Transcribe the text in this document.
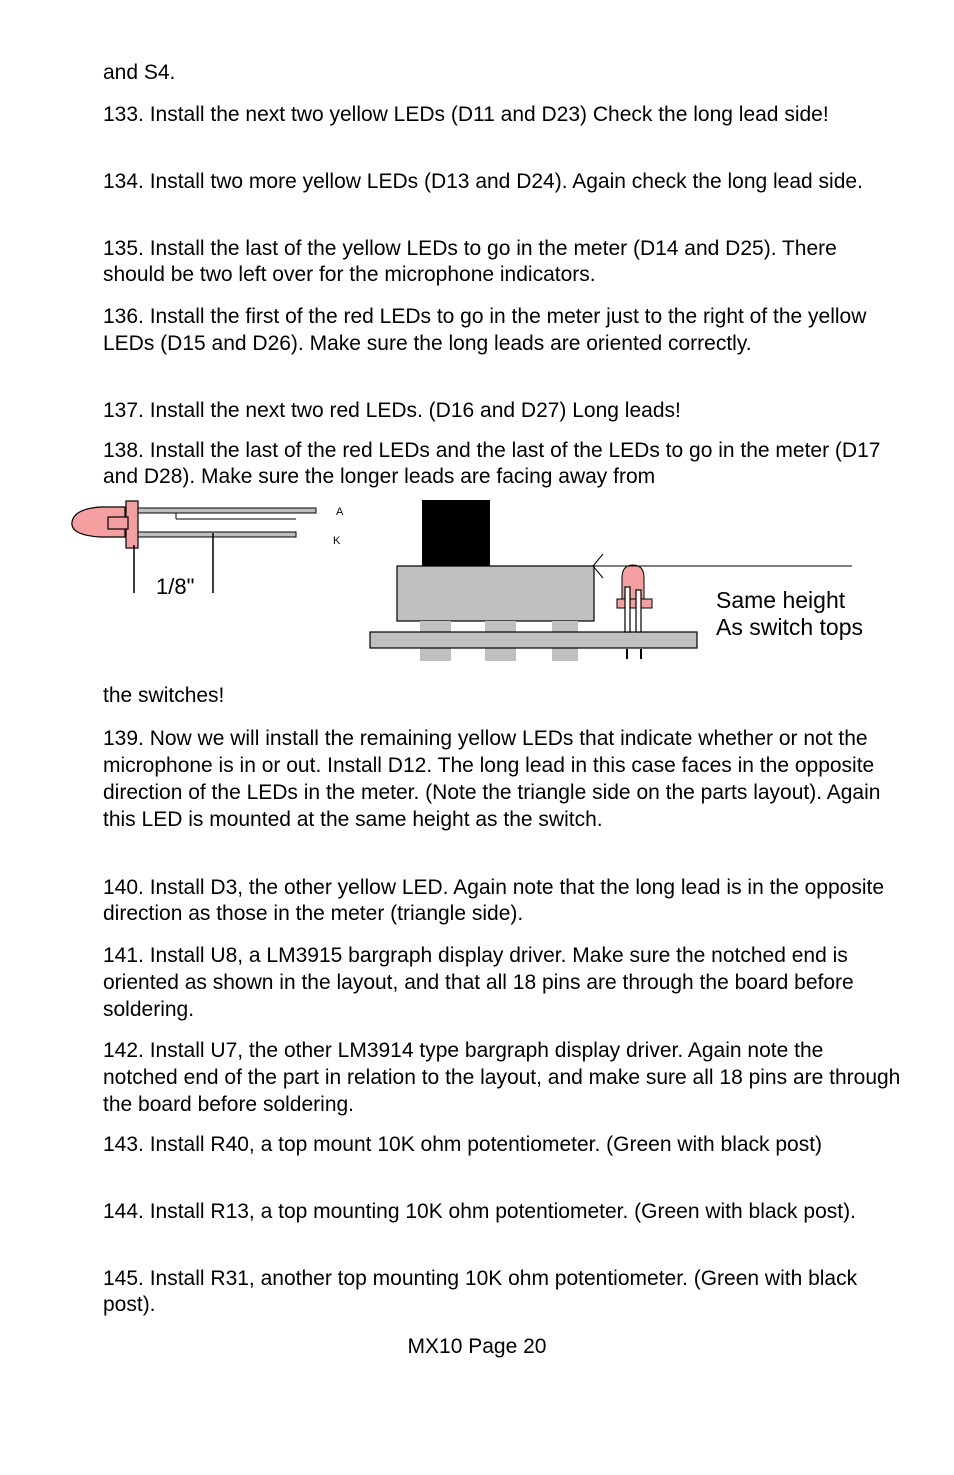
and S4.

133. Install the next two yellow LEDs (D11 and D23) Check the long lead side!

134. Install two more yellow LEDs (D13 and D24). Again check the long lead side.

135. Install the last of the yellow LEDs to go in the meter (D14 and D25). There should be two left over for the microphone indicators.

136. Install the first of the red LEDs to go in the meter just to the right of the yellow LEDs (D15 and D26). Make sure the long leads are oriented correctly.

137. Install the next two red LEDs. (D16 and D27) Long leads!

138. Install the last of the red LEDs and the last of the LEDs to go in the meter (D17 and D28). Make sure the longer leads are facing away from

A
K
1/8"
Same height
As switch tops

the switches!

139. Now we will install the remaining yellow LEDs that indicate whether or not the microphone is in or out. Install D12. The long lead in this case faces in the opposite direction of the LEDs in the meter. (Note the triangle side on the parts layout). Again this LED is mounted at the same height as the switch.

140. Install D3, the other yellow LED. Again note that the long lead is in the opposite direction as those in the meter (triangle side).

141. Install U8, a LM3915 bargraph display driver. Make sure the notched end is oriented as shown in the layout, and that all 18 pins are through the board before soldering.

142. Install U7, the other LM3914 type bargraph display driver. Again note the notched end of the part in relation to the layout, and make sure all 18 pins are through the board before soldering.

143. Install R40, a top mount 10K ohm potentiometer. (Green with black post)

144. Install R13, a top mounting 10K ohm potentiometer. (Green with black post).

145. Install R31, another top mounting 10K ohm potentiometer. (Green with black post).

MX10 Page 20
